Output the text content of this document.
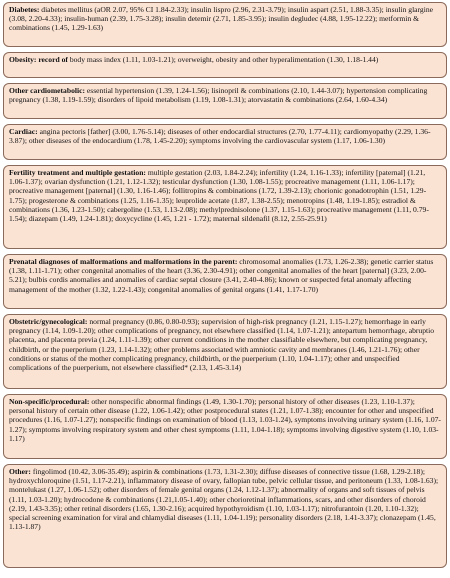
Diabetes: diabetes mellitus (aOR 2.07, 95% CI 1.84-2.33); insulin lispro (2.96, 2.31-3.79); insulin aspart (2.51, 1.88-3.35); insulin glargine (3.08, 2.20-4.33); insulin-human (2.39, 1.75-3.28); insulin detemir (2.71, 1.85-3.95); insulin degludec (4.88, 1.95-12.22); metformin & combinations (1.45, 1.29-1.63)
Obesity: record of body mass index (1.11, 1.03-1.21); overweight, obesity and other hyperalimentation (1.30, 1.18-1.44)
Other cardiometabolic: essential hypertension (1.39, 1.24-1.56); lisinopril & combinations (2.10, 1.44-3.07); hypertension complicating pregnancy (1.38, 1.19-1.59); disorders of lipoid metabolism (1.19, 1.08-1.31); atorvastatin & combinations (2.64, 1.60-4.34)
Cardiac: angina pectoris [father] (3.00, 1.76-5.14); diseases of other endocardial structures (2.70, 1.77-4.11); cardiomyopathy (2.29, 1.36-3.87); other diseases of the endocardium (1.78, 1.45-2.20); symptoms involving the cardiovascular system (1.17, 1.06-1.30)
Fertility treatment and multiple gestation: multiple gestation (2.03, 1.84-2.24); infertility (1.24, 1.16-1.33); infertility [paternal] (1.21, 1.06-1.37); ovarian dysfunction (1.21, 1.12-1.32); testicular dysfunction (1.30, 1.08-1.55); procreative management (1.11, 1.06-1.17); procreative management [paternal] (1.30, 1.16-1.46); follitropins & combinations (1.72, 1.39-2.13); chorionic gonadotrophin (1.51, 1.29-1.75); progesterone & combinations (1.25, 1.16-1.35); leuprolide acetate (1.87, 1.38-2.55); menotropins (1.48, 1.19-1.85); estradiol & combinations (1.36, 1.23-1.50); cabergoline (1.53, 1.13-2.08); methylprednisolone (1.37, 1.15-1.63); procreative management (1.11, 0.79-1.54); diazepam (1.49, 1.24-1.81); doxycycline (1.45, 1.21 - 1.72); maternal sildenafil (8.12, 2.55-25.91)
Prenatal diagnoses of malformations and malformations in the parent: chromosomal anomalies (1.73, 1.26-2.38); genetic carrier status (1.38, 1.11-1.71); other congenital anomalies of the heart (3.36, 2.30-4.91); other congenital anomalies of the heart [paternal] (3.23, 2.00-5.21); bulbis cordis anomalies and anomalies of cardiac septal closure (3.41, 2.40-4.86); known or suspected fetal anomaly affecting management of the mother (1.32, 1.22-1.43); congenital anomalies of genital organs (1.41, 1.17-1.70)
Obstetric/gynecological: normal pregnancy (0.86, 0.80-0.93); supervision of high-risk pregnancy (1.21, 1.15-1.27); hemorrhage in early pregnancy (1.14, 1.09-1.20); other complications of pregnancy, not elsewhere classified (1.14, 1.07-1.21); antepartum hemorrhage, abruptio placenta, and placenta previa (1.24, 1.11-1.39); other current conditions in the mother classifiable elsewhere, but complicating pregnancy, childbirth, or the puerperium (1.23, 1.14-1.32); other problems associated with amniotic cavity and membranes (1.46, 1.21-1.76); other conditions or status of the mother complicating pregnancy, childbirth, or the puerperium (1.10, 1.04-1.17); other and unspecified complications of the puerperium, not elsewhere classified* (2.13, 1.45-3.14)
Non-specific/procedural: other nonspecific abnormal findings (1.49, 1.30-1.70); personal history of other diseases (1.23, 1.10-1.37); personal history of certain other disease (1.22, 1.06-1.42); other postprocedural states (1.21, 1.07-1.38); encounter for other and unspecified procedures (1.16, 1.07-1.27); nonspecific findings on examination of blood (1.13, 1.03-1.24), symptoms involving urinary system (1.16, 1.07-1.27); symptoms involving respiratory system and other chest symptoms (1.11, 1.04-1.18); symptoms involving digestive system (1.10, 1.03-1.17)
Other: fingolimod (10.42, 3.06-35.49); aspirin & combinations (1.73, 1.31-2.30); diffuse diseases of connective tissue (1.68, 1.29-2.18); hydroxychloroquine (1.51, 1.17-2.21), inflammatory disease of ovary, fallopian tube, pelvic cellular tissue, and peritoneum (1.33, 1.08-1.63); montelukast (1.27, 1.06-1.52); other disorders of female genital organs (1.24, 1.12-1.37); abnormality of organs and soft tissues of pelvis (1.11, 1.03-1.20); hydrocodone & combinations (1.21,1.05-1.40); other chorioretinal inflammations, scars, and other disorders of choroid (2.19, 1.43-3.35); other retinal disorders (1.65, 1.30-2.16); acquired hypothyroidism (1.10, 1.03-1.17); nitrofurantoin (1.20, 1.10-1.32); special screening examination for viral and chlamydial diseases (1.11, 1.04-1.19); personality disorders (2.18, 1.41-3.37); clonazepam (1.45, 1.13-1.87)
